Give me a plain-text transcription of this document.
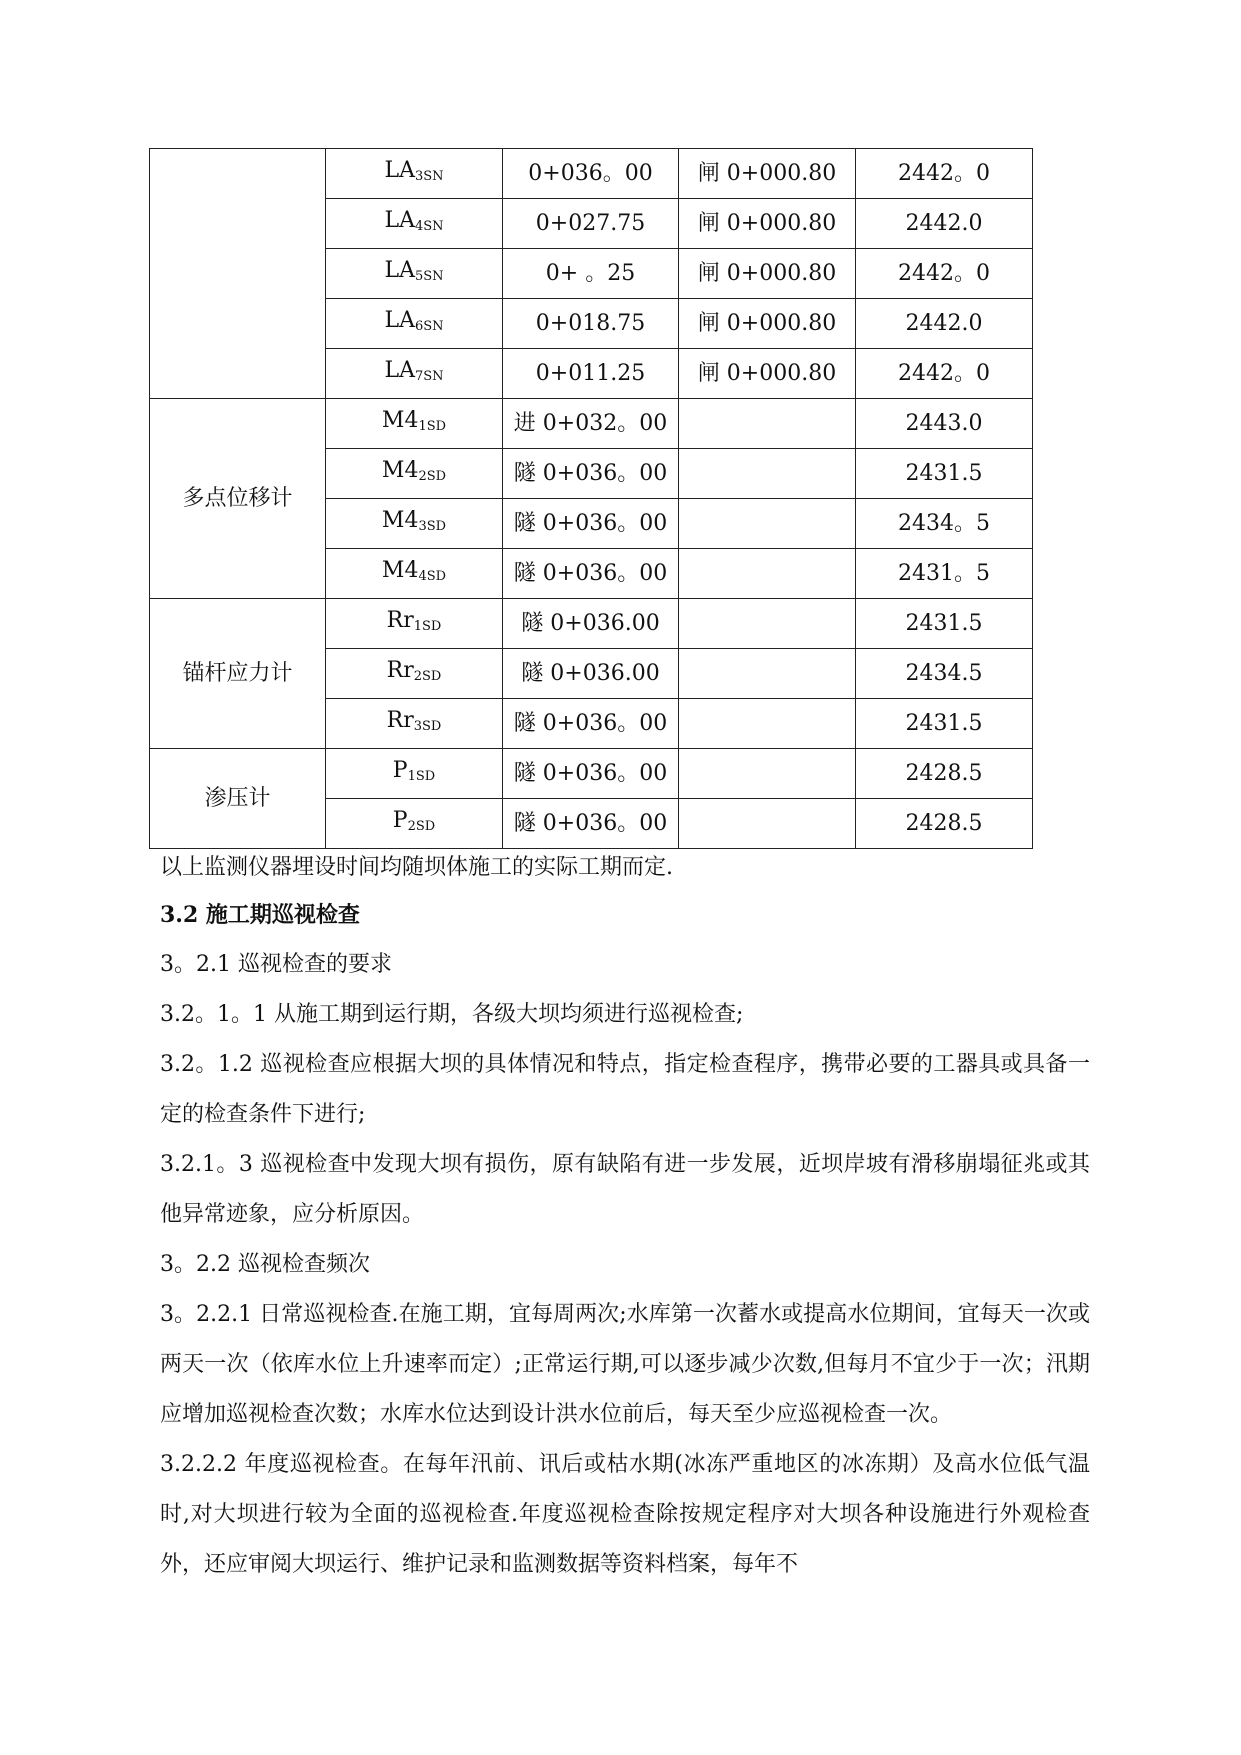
	$LA_{3SN}$	0+036。00	闸 0+000.80	2442。0
	$LA_{4SN}$	0+027.75	闸 0+000.80	2442.0
	$LA_{5SN}$	0+ 。25	闸 0+000.80	2442。0
	$LA_{6SN}$	0+018.75	闸 0+000.80	2442.0
	$LA_{7SN}$	0+011.25	闸 0+000.80	2442。0
多点位移计	$M4_{1SD}$	进 0+032。00		2443.0
	$M4_{2SD}$	隧 0+036。00		2431.5
	$M4_{3SD}$	隧 0+036。00		2434。5
	$M4_{4SD}$	隧 0+036。00		2431。5
锚杆应力计	$Rr_{1SD}$	隧 0+036.00		2431.5
	$Rr_{2SD}$	隧 0+036.00		2434.5
	$Rr_{3SD}$	隧 0+036。00		2431.5
渗压计	$P_{1SD}$	隧 0+036。00		2428.5
	$P_{2SD}$	隧 0+036。00		2428.5

以上监测仪器埋设时间均随坝体施工的实际工期而定.

3.2 施工期巡视检查

3。2.1 巡视检查的要求

3.2。1。1 从施工期到运行期，各级大坝均须进行巡视检查;

3.2。1.2 巡视检查应根据大坝的具体情况和特点，指定检查程序，携带必要的工器具或具备一定的检查条件下进行;

3.2.1。3 巡视检查中发现大坝有损伤，原有缺陷有进一步发展，近坝岸坡有滑移崩塌征兆或其他异常迹象，应分析原因。

3。2.2 巡视检查频次

3。2.2.1 日常巡视检查.在施工期，宜每周两次;水库第一次蓄水或提高水位期间，宜每天一次或两天一次（依库水位上升速率而定）;正常运行期,可以逐步减少次数,但每月不宜少于一次；汛期应增加巡视检查次数；水库水位达到设计洪水位前后，每天至少应巡视检查一次。

3.2.2.2 年度巡视检查。在每年汛前、讯后或枯水期(冰冻严重地区的冰冻期）及高水位低气温时,对大坝进行较为全面的巡视检查.年度巡视检查除按规定程序对大坝各种设施进行外观检查外，还应审阅大坝运行、维护记录和监测数据等资料档案，每年不
